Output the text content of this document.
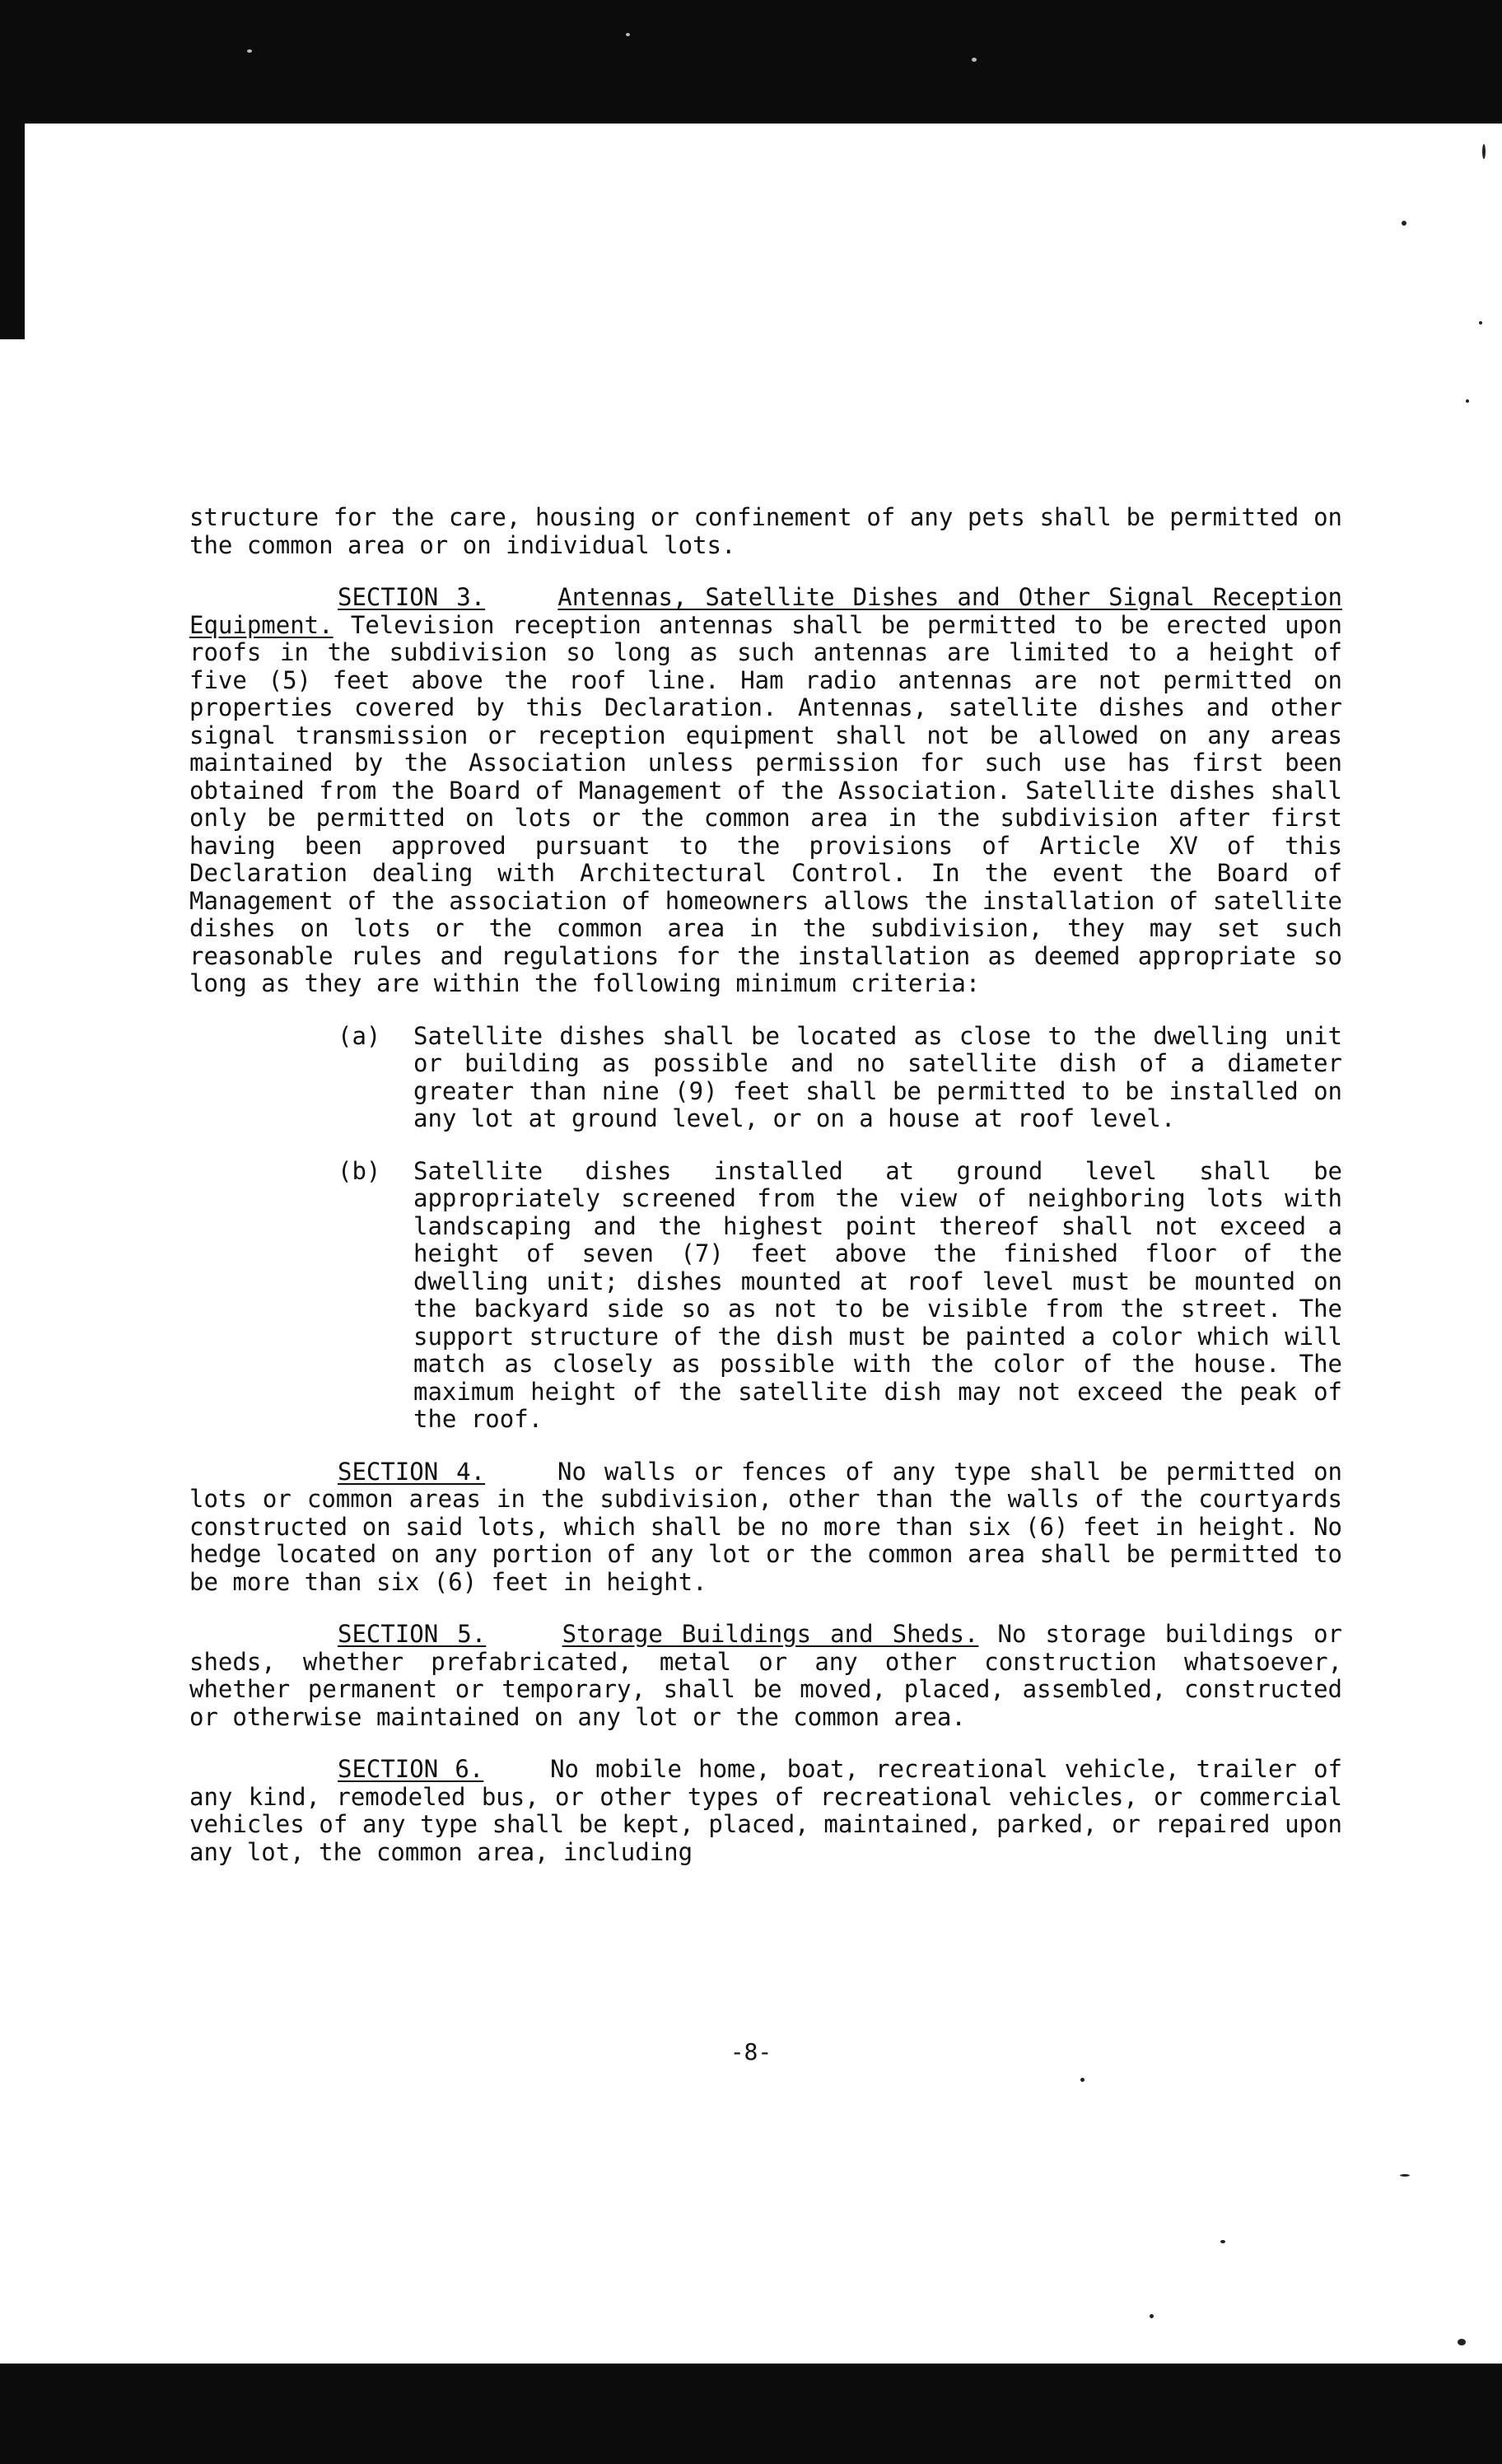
structure for the care, housing or confinement of any pets shall be permitted on the common area or on individual lots.

SECTION 3.	Antennas, Satellite Dishes and Other Signal Reception Equipment. Television reception antennas shall be permitted to be erected upon roofs in the subdivision so long as such antennas are limited to a height of five (5) feet above the roof line. Ham radio antennas are not permitted on properties covered by this Declaration. Antennas, satellite dishes and other signal transmission or reception equipment shall not be allowed on any areas maintained by the Association unless permission for such use has first been obtained from the Board of Management of the Association. Satellite dishes shall only be permitted on lots or the common area in the subdivision after first having been approved pursuant to the provisions of Article XV of this Declaration dealing with Architectural Control. In the event the Board of Management of the association of homeowners allows the installation of satellite dishes on lots or the common area in the subdivision, they may set such reasonable rules and regulations for the installation as deemed appropriate so long as they are within the following minimum criteria:

(a)	Satellite dishes shall be located as close to the dwelling unit or building as possible and no satellite dish of a diameter greater than nine (9) feet shall be permitted to be installed on any lot at ground level, or on a house at roof level.
(b)	Satellite dishes installed at ground level shall be appropriately screened from the view of neighboring lots with landscaping and the highest point thereof shall not exceed a height of seven (7) feet above the finished floor of the dwelling unit; dishes mounted at roof level must be mounted on the backyard side so as not to be visible from the street. The support structure of the dish must be painted a color which will match as closely as possible with the color of the house. The maximum height of the satellite dish may not exceed the peak of the roof.

SECTION 4.	No walls or fences of any type shall be permitted on lots or common areas in the subdivision, other than the walls of the courtyards constructed on said lots, which shall be no more than six (6) feet in height. No hedge located on any portion of any lot or the common area shall be permitted to be more than six (6) feet in height.

SECTION 5.	Storage Buildings and Sheds. No storage buildings or sheds, whether prefabricated, metal or any other construction whatsoever, whether permanent or temporary, shall be moved, placed, assembled, constructed or otherwise maintained on any lot or the common area.

SECTION 6.	No mobile home, boat, recreational vehicle, trailer of any kind, remodeled bus, or other types of recreational vehicles, or commercial vehicles of any type shall be kept, placed, maintained, parked, or repaired upon any lot, the common area, including

-8-
